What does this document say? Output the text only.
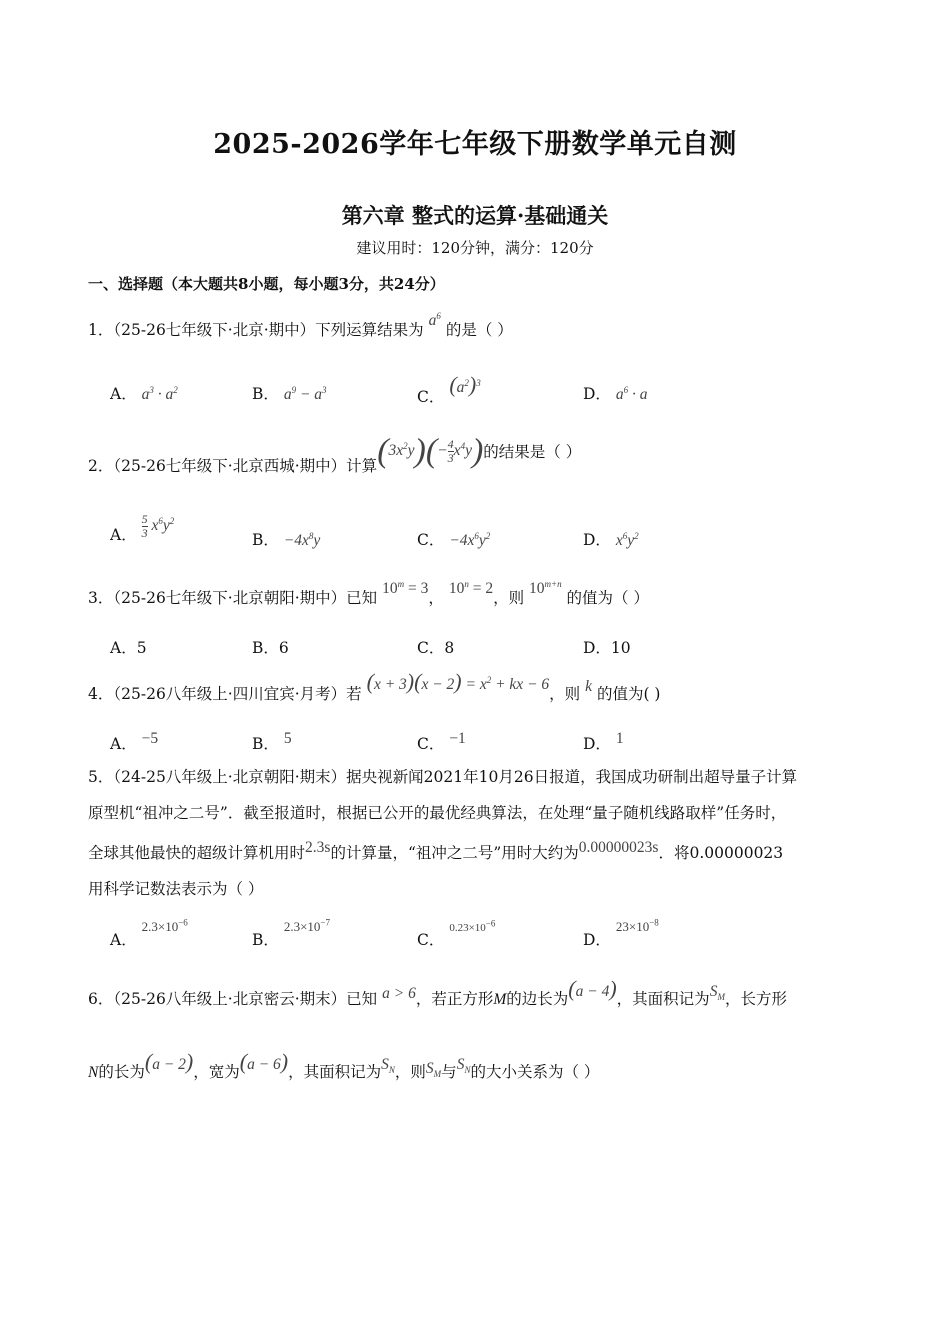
2025-2026学年七年级下册数学单元自测
第六章 整式的运算·基础通关
建议用时：120分钟，满分：120分
一、选择题（本大题共8小题，每小题3分，共24分）
1．（25-26七年级下·北京·期中）下列运算结果为 $a^6$ 的是（ ）
A． $a^3 \cdot a^2$	B． $a^9 - a^3$	C． $(a^2)^3$
D． $a^6 \cdot a$
2．（25-26七年级下·北京西城·期中）计算$(3x^2y)(- \frac{4}{3} x^4y)$的结果是（ ）
A． $\frac{5}{3} x^6y^2$
B． $-4x^8y$	C． $-4x^6y^2$	D． $x^6y^2$
3．（25-26七年级下·北京朝阳·期中）已知 $10^m = 3$， $10^n = 2$，则 $10^{m+n}$ 的值为（ ）
A．5	B．6	C．8	D．10
4．（25-26八年级上·四川宜宾·月考）若 $(x + 3)(x - 2) = x^2$ + kx − 6，则 k 的值为( )
A． −5	B． 5	C． −1	D． 1
5．（24-25八年级上·北京朝阳·期末）据央视新闻2021年10月26日报道，我国成功研制出超导量子计算
原型机“祖冲之二号”．截至报道时，根据已公开的最优经典算法，在处理“量子随机线路取样”任务时，
全球其他最快的超级计算机用时2.3s的计算量，“祖冲之二号”用时大约为0.00000023s．将0.00000023
用科学记数法表示为（ ）
A． $^{2.3\times 10^{-6}}$
B． $^{2.3\times 10^{-7}}$
C． $^{0.23\times 10^{-6}}$
D． $^{23\times 10^{-8}}$
6．（25-26八年级上·北京密云·期末）已知 a > 6，若正方形M的边长为(a − 4)，其面积记为$S_M$，长方形
N的长为(a − 2)，宽为(a − 6)，其面积记为$S_N$，则$S_M$与$S_N$的大小关系为（ ）
